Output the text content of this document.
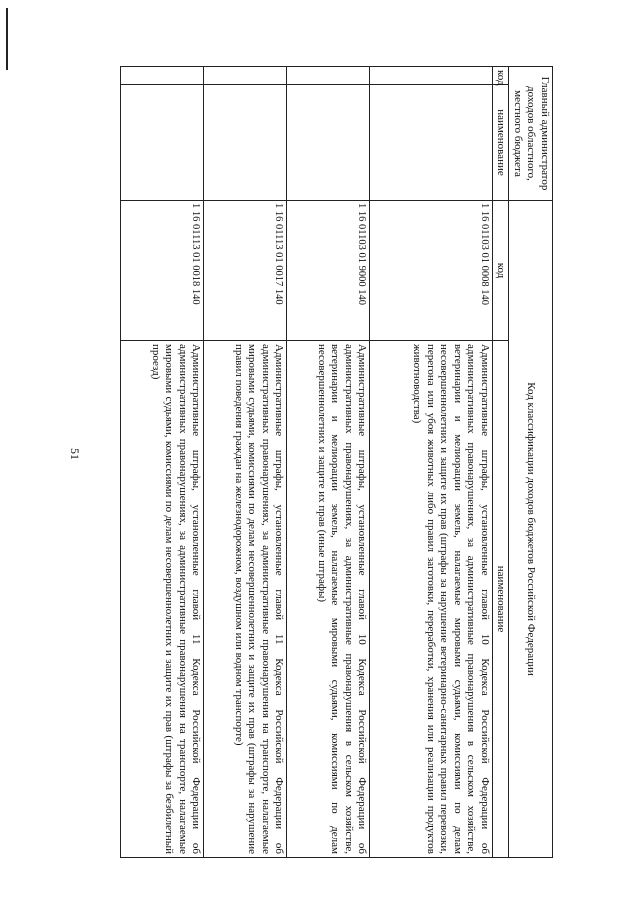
51
Главный администратор доходов областного, местного бюджета		Код классификации доходов бюджетов Российской Федерации	
код	наименование	код	наименование
		1 16 01103 01 0008 140	Административные штрафы, установленные главой 10 Кодекса Российской Федерации об административных правонарушениях, за административные правонарушения в сельском хозяйстве, ветеринарии и мелиорации земель, налагаемые мировыми судьями, комиссиями по делам несовершеннолетних и защите их прав (штрафы за нарушение ветеринарно-санитарных правил перевозки, перегона или убоя животных либо правил заготовки, переработки, хранения или реализации продуктов животноводства)
		1 16 01103 01 9000 140	Административные штрафы, установленные главой 10 Кодекса Российской Федерации об административных правонарушениях, за административные правонарушения в сельском хозяйстве, ветеринарии и мелиорации земель, налагаемые мировыми судьями, комиссиями по делам несовершеннолетних и защите их прав (иные штрафы)
		1 16 01113 01 0017 140	Административные штрафы, установленные главой 11 Кодекса Российской Федерации об административных правонарушениях, за административные правонарушения на транспорте, налагаемые мировыми судьями, комиссиями по делам несовершеннолетних и защите их прав (штрафы за нарушение правил поведения граждан на железнодорожном, воздушном или водном транспорте)
		1 16 01113 01 0018 140	Административные штрафы, установленные главой 11 Кодекса Российской Федерации об административных правонарушениях, за административные правонарушения на транспорте, налагаемые мировыми судьями, комиссиями по делам несовершеннолетних и защите их прав (штрафы за безбилетный проезд)
